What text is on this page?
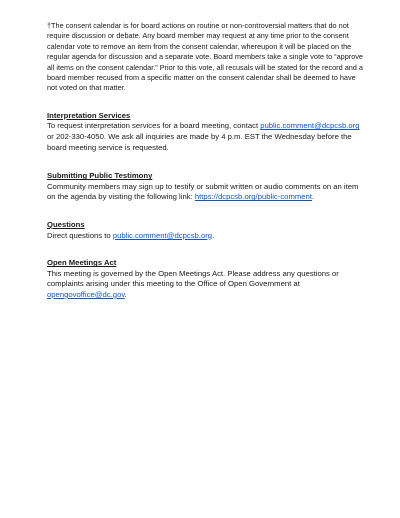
†The consent calendar is for board actions on routine or non-controversial matters that do not require discussion or debate. Any board member may request at any time prior to the consent calendar vote to remove an item from the consent calendar, whereupon it will be placed on the regular agenda for discussion and a separate vote. Board members take a single vote to “approve all items on the consent calendar.” Prior to this vote, all recusals will be stated for the record and a board member recused from a specific matter on the consent calendar shall be deemed to have not voted on that matter.

Interpretation Services

To request interpretation services for a board meeting, contact public.comment@dcpcsb.org or 202-330-4050. We ask all inquiries are made by 4 p.m. EST the Wednesday before the board meeting service is requested.

Submitting Public Testimony

Community members may sign up to testify or submit written or audio comments on an item on the agenda by visiting the following link: https://dcpcsb.org/public-comment.

Questions

Direct questions to public.comment@dcpcsb.org.

Open Meetings Act

This meeting is governed by the Open Meetings Act. Please address any questions or complaints arising under this meeting to the Office of Open Government at opengovoffice@dc.gov.
